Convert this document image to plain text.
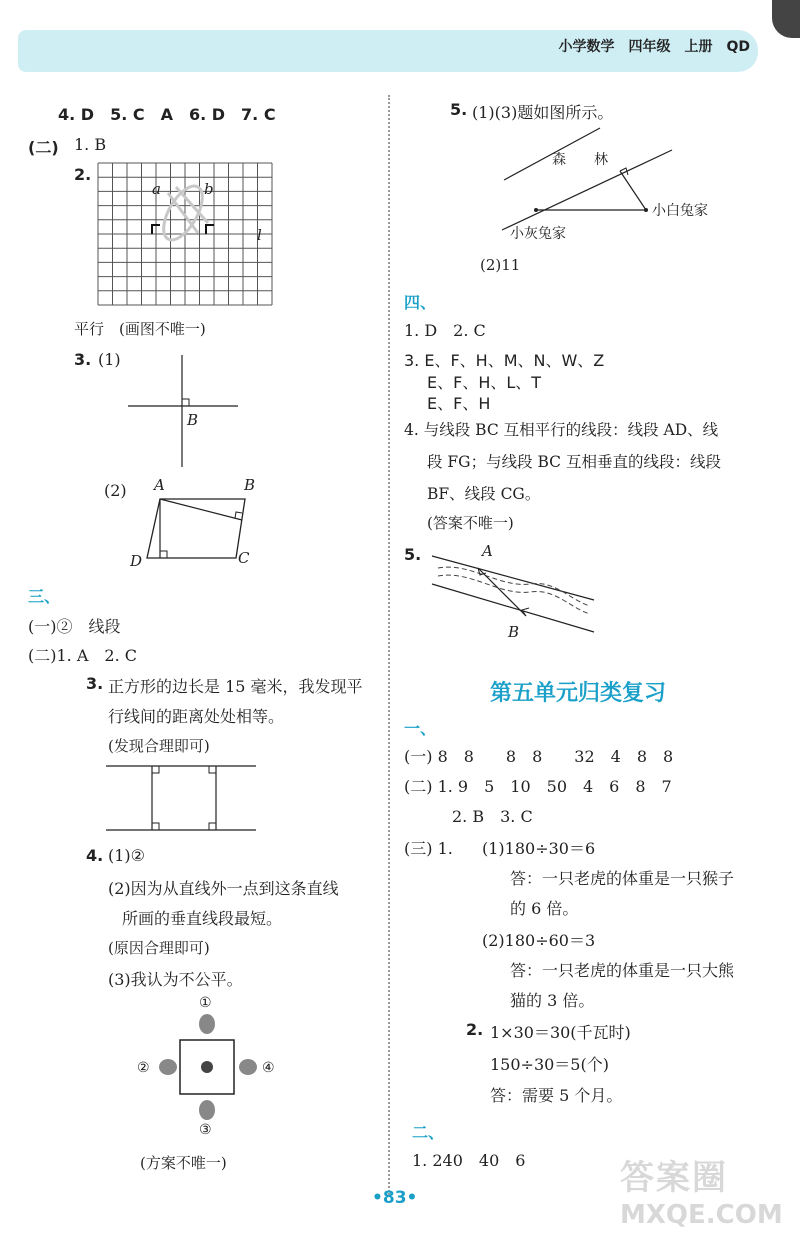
小学数学　四年级　上册　QD
4. D　5. C　A　6. D　7. C
(二) 1. B
2.
a	b
l
平行　(画图不唯一)
3. (1)
B
(2) A	B
C
D
三、
(一)②　线段
(二)1. A　2. C
3. 正方形的边长是 15 毫米，我发现平
行线间的距离处处相等。
(发现合理即可)
4. (1)②
(2)因为从直线外一点到这条直线
所画的垂直线段最短。
(原因合理即可)
(3)我认为不公平。
①
②
③
④
(方案不唯一)
5. (1)(3)题如图所示。
森　　林
小白兔家
小灰兔家
(2)11
四、
1. D　2. C
3. E、F、H、M、N、W、Z
E、F、H、L、T
E、F、H
4. 与线段 BC 互相平行的线段：线段 AD、线
段 FG；与线段 BC 互相垂直的线段：线段
BF、线段 CG。
(答案不唯一)
5.	A
B
第五单元归类复习
一、
(一) 8　8　　8　8　　32　4　8　8
(二) 1. 9　5　10　50　4　6　8　7
2. B　3. C
(三) 1. (1)180÷30＝6
答：一只老虎的体重是一只猴子
的 6 倍。
(2)180÷60＝3
答：一只老虎的体重是一只大熊
猫的 3 倍。
2. 1×30＝30(千瓦时)
150÷30＝5(个)
答：需要 5 个月。
二、
1. 240　40　6
•83•	答案圈
MXQE.COM
